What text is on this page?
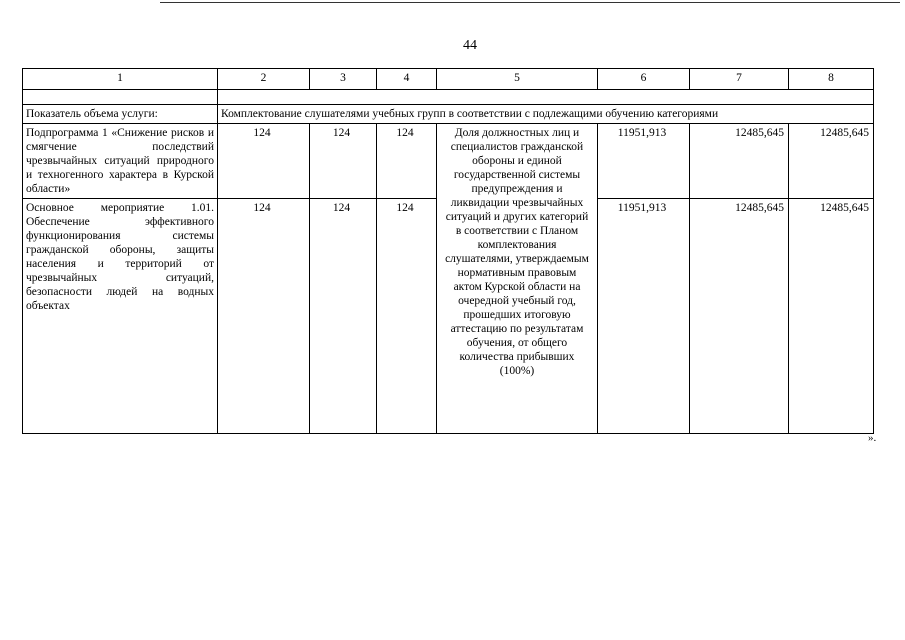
44
1	2	3	4	5	6	7	8

Показатель объема услуги:	Комплектование слушателями учебных групп в соответствии с подлежащими обучению категориями						
Подпрограмма 1 «Снижение рисков и смягчение последствий чрезвычайных ситуаций природного и техногенного характера в Курской области»	124	124	124	Доля должностных лиц и специалистов гражданской обороны и единой государственной системы предупреждения и ликвидации чрезвычайных ситуаций и других категорий в соответствии с Планом комплектования слушателями, утверждаемым нормативным правовым актом Курской области на очередной учебный год, прошедших итоговую аттестацию по результатам обучения, от общего количества прибывших (100%)	11951,913	12485,645	12485,645
Основное мероприятие 1.01. Обеспечение эффективного функционирования системы гражданской обороны, защиты населения и территорий от чрезвычайных ситуаций, безопасности людей на водных объектах	124	124	124		11951,913	12485,645	12485,645
».
